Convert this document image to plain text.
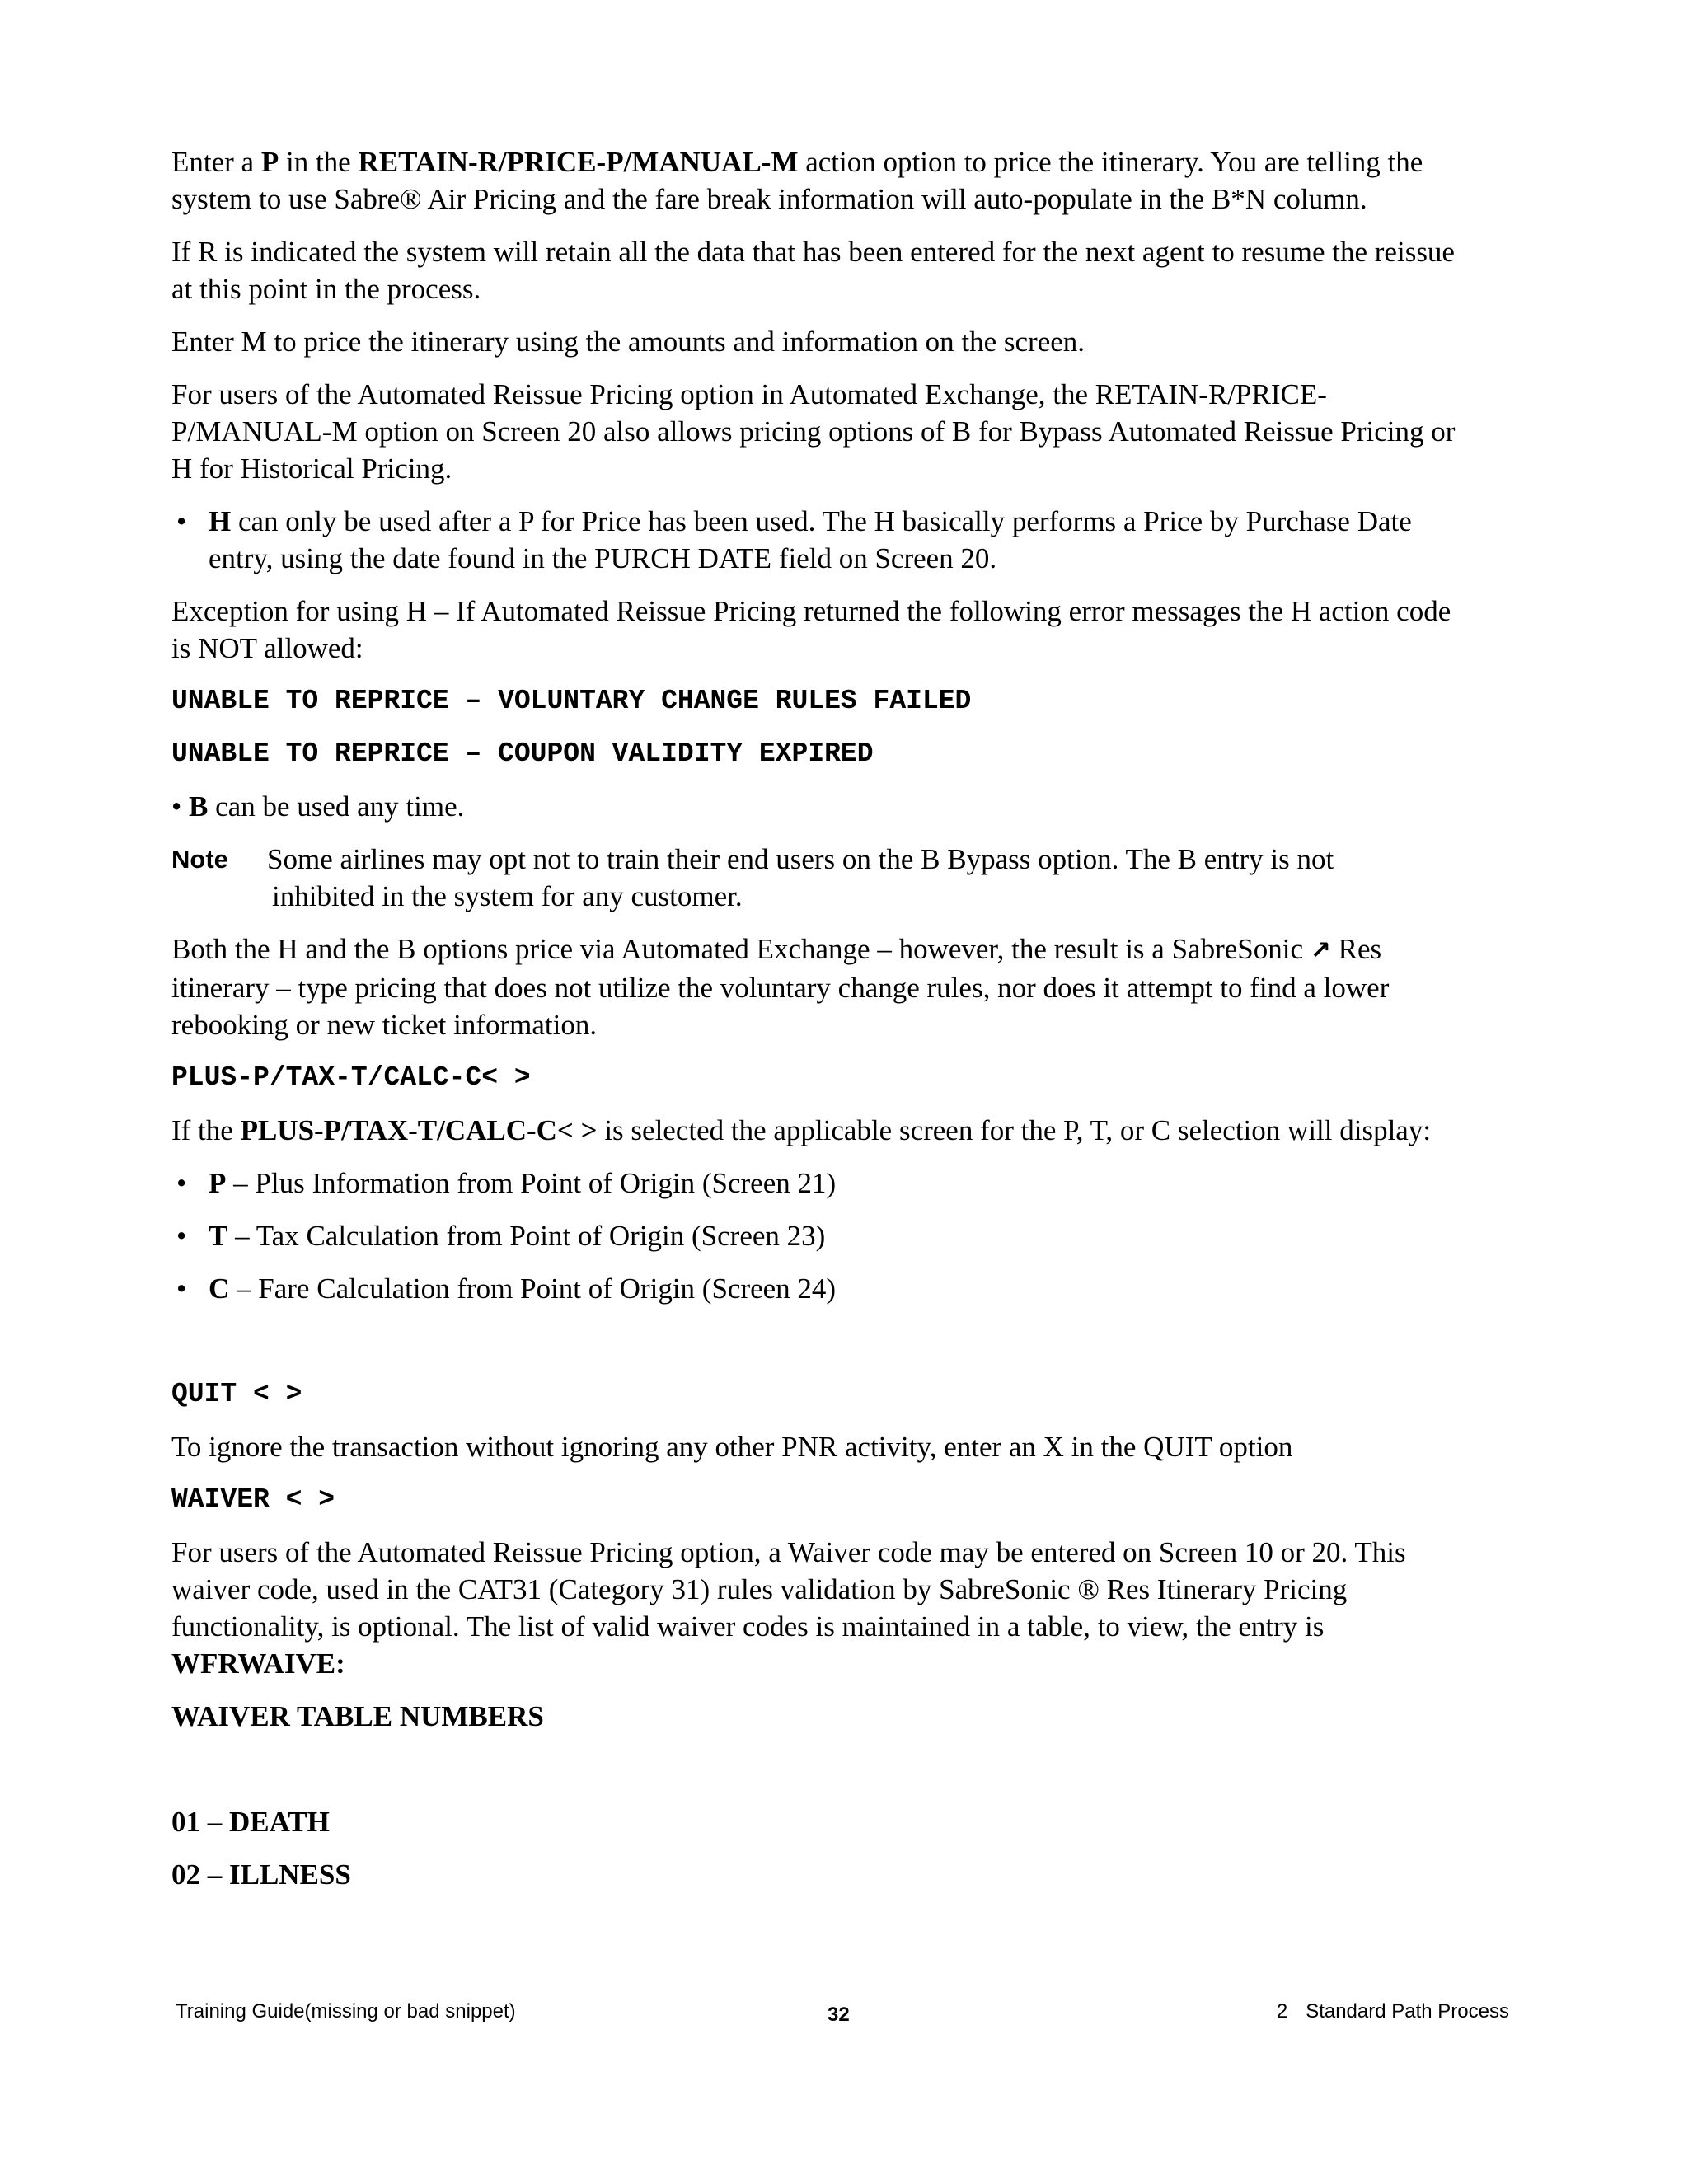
Enter a P in the RETAIN-R/PRICE-P/MANUAL-M action option to price the itinerary. You are telling the system to use Sabre® Air Pricing and the fare break information will auto-populate in the B*N column.

If R is indicated the system will retain all the data that has been entered for the next agent to resume the reissue at this point in the process.

Enter M to price the itinerary using the amounts and information on the screen.

For users of the Automated Reissue Pricing option in Automated Exchange, the RETAIN-R/PRICE-P/MANUAL-M option on Screen 20 also allows pricing options of B for Bypass Automated Reissue Pricing or H for Historical Pricing.

• H can only be used after a P for Price has been used. The H basically performs a Price by Purchase Date entry, using the date found in the PURCH DATE field on Screen 20.

Exception for using H – If Automated Reissue Pricing returned the following error messages the H action code is NOT allowed:

UNABLE TO REPRICE – VOLUNTARY CHANGE RULES FAILED
UNABLE TO REPRICE – COUPON VALIDITY EXPIRED

• B can be used any time.

Note	Some airlines may opt not to train their end users on the B Bypass option. The B entry is not
inhibited in the system for any customer.

Both the H and the B options price via Automated Exchange – however, the result is a SabreSonic ↗ Res itinerary – type pricing that does not utilize the voluntary change rules, nor does it attempt to find a lower rebooking or new ticket information.

PLUS-P/TAX-T/CALC-C< >

If the PLUS-P/TAX-T/CALC-C< > is selected the applicable screen for the P, T, or C selection will display:

• P – Plus Information from Point of Origin (Screen 21)
• T – Tax Calculation from Point of Origin (Screen 23)
• C – Fare Calculation from Point of Origin (Screen 24)
QUIT < >

To ignore the transaction without ignoring any other PNR activity, enter an X in the QUIT option

WAIVER < >

For users of the Automated Reissue Pricing option, a Waiver code may be entered on Screen 10 or 20. This waiver code, used in the CAT31 (Category 31) rules validation by SabreSonic ® Res Itinerary Pricing functionality, is optional. The list of valid waiver codes is maintained in a table, to view, the entry is WFRWAIVE:

WAIVER TABLE NUMBERS
01 – DEATH
02 – ILLNESS
Training Guide(missing or bad snippet)	32	2 Standard Path Process
